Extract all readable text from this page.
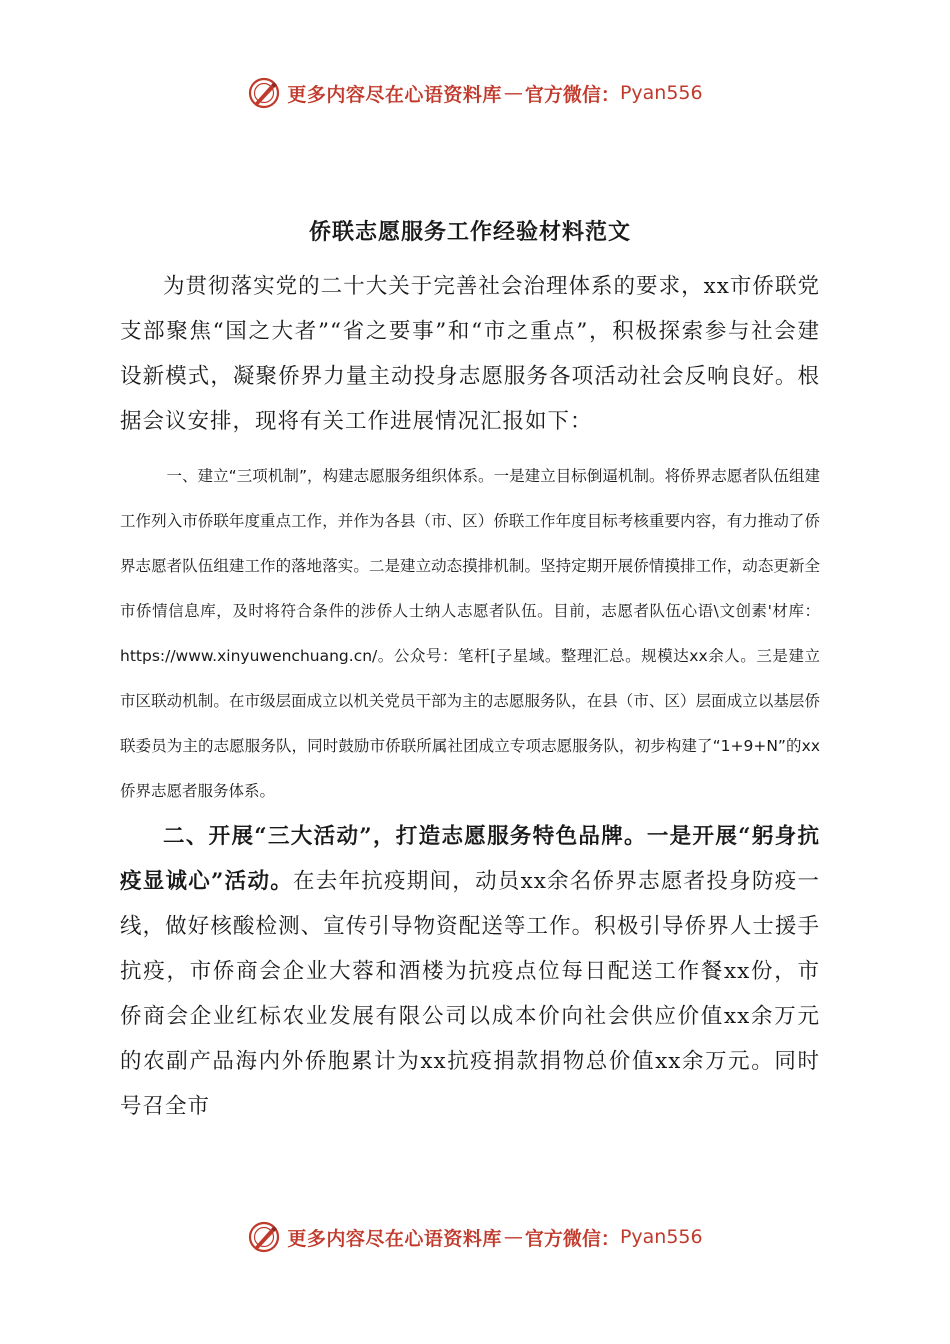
更多内容尽在心语资料库 — 官方微信： Pyan556
侨联志愿服务工作经验材料范文

为贯彻落实党的二十大关于完善社会治理体系的要求，xx市侨联党支部聚焦“国之大者”“省之要事”和“市之重点”，积极探索参与社会建设新模式，凝聚侨界力量主动投身志愿服务各项活动社会反响良好。根据会议安排，现将有关工作进展情况汇报如下：

一、建立“三项机制”，构建志愿服务组织体系。一是建立目标倒逼机制。将侨界志愿者队伍组建工作列入市侨联年度重点工作，并作为各县（市、区）侨联工作年度目标考核重要内容，有力推动了侨界志愿者队伍组建工作的落地落实。二是建立动态摸排机制。坚持定期开展侨情摸排工作，动态更新全市侨情信息库，及时将符合条件的涉侨人士纳人志愿者队伍。目前，志愿者队伍心语\文创素'材库：https://www.xinyuwenchuang.cn/。公众号：笔杆[子星域。整理汇总。规模达xx余人。三是建立市区联动机制。在市级层面成立以机关党员干部为主的志愿服务队，在县（市、区）层面成立以基层侨联委员为主的志愿服务队，同时鼓励市侨联所属社团成立专项志愿服务队，初步构建了“1+9+N”的xx侨界志愿者服务体系。

二、开展“三大活动”，打造志愿服务特色品牌。一是开展“躬身抗疫显诚心”活动。在去年抗疫期间，动员xx余名侨界志愿者投身防疫一线，做好核酸检测、宣传引导物资配送等工作。积极引导侨界人士援手抗疫，市侨商会企业大蓉和酒楼为抗疫点位每日配送工作餐xx份，市侨商会企业红标农业发展有限公司以成本价向社会供应价值xx余万元的农副产品海内外侨胞累计为xx抗疫捐款捐物总价值xx余万元。同时号召全市

更多内容尽在心语资料库 — 官方微信： Pyan556
